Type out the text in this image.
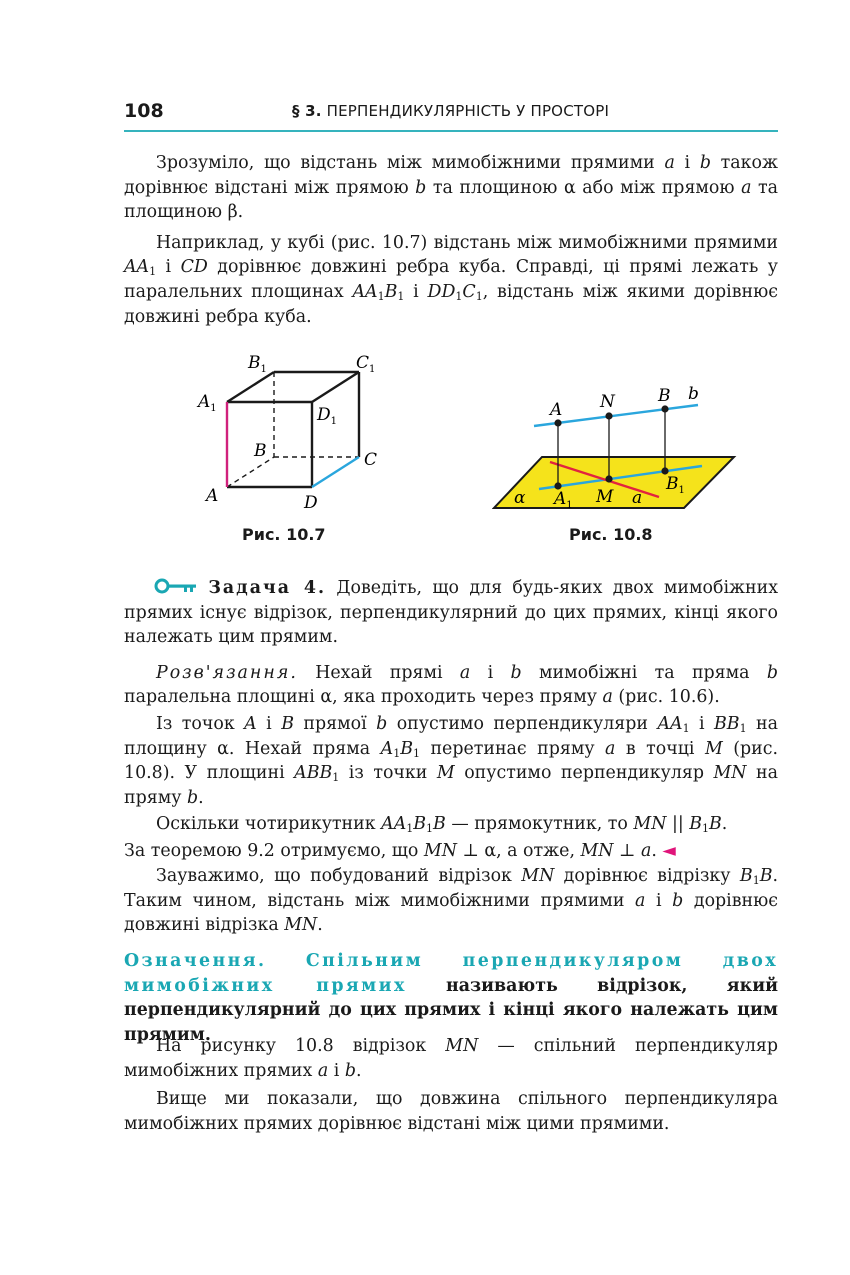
108	§ 3. ПЕРПЕНДИКУЛЯРНІСТЬ У ПРОСТОРІ

Зрозуміло, що відстань між мимобіжними прямими a і b також дорівнює відстані між прямою b та площиною α або між прямою a та площиною β.

Наприклад, у кубі (рис. 10.7) відстань між мимобіжними прямими $AA_1$ і CD дорівнює довжині ребра куба. Справді, ці прямі лежать у паралельних площинах $AA_1B_1$ і $DD_1C_1$, відстань між якими дорівнює довжині ребра куба.

$B_1$	$C_1$
$A_1$	$D_1$
B	C
A	D
Рис. 10.7
A N	B b
α $A_1$ M a
$B_1$
Рис. 10.8

Задача 4. Доведіть, що для будь-яких двох мимобіжних прямих існує відрізок, перпендикулярний до цих прямих, кінці якого належать цим прямим.

Розв'язання. Нехай прямі a і b мимобіжні та пряма b паралельна площині α, яка проходить через пряму a (рис. 10.6).

Із точок A і B прямої b опустимо перпендикуляри $AA_1$ і $BB_1$ на площину α. Нехай пряма $A_1B_1$ перетинає пряму a в точці M (рис. 10.8). У площині $ABB_1$ із точки M опустимо перпендикуляр MN на пряму b.

Оскільки чотирикутник $AA_1B_1B$ — прямокутник, то MN || $B_1B$.

За теоремою 9.2 отримуємо, що MN ⊥ α, а отже, MN ⊥ a. ◄

Зауважимо, що побудований відрізок MN дорівнює відрізку $B_1B$. Таким чином, відстань між мимобіжними прямими a і b дорівнює довжині відрізка MN.

Означення. Спільним перпендикуляром двох мимобіжних прямих називають відрізок, який перпендикулярний до цих прямих і кінці якого належать цим прямим.

На рисунку 10.8 відрізок MN — спільний перпендикуляр мимобіжних прямих a і b.

Вище ми показали, що довжина спільного перпендикуляра мимобіжних прямих дорівнює відстані між цими прямими.
